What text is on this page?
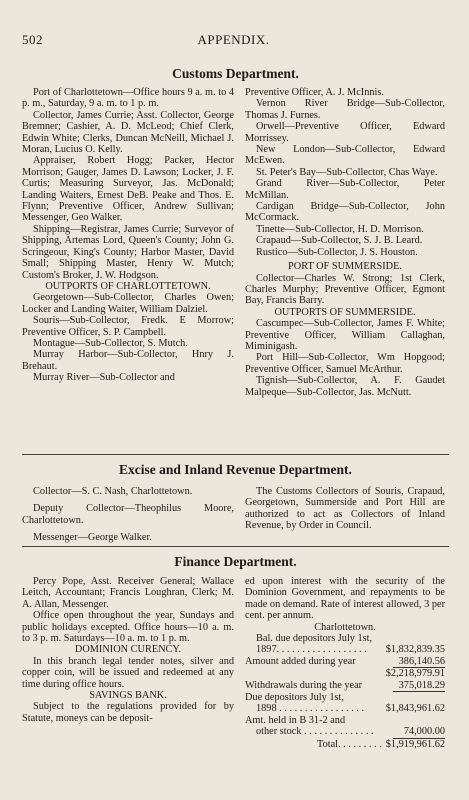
502	APPENDIX.
Customs Department.

Port of Charlottetown—Office hours 9 a. m. to 4 p. m., Saturday, 9 a. m. to 1 p. m.

Collector, James Currie; Asst. Collector, George Bremner; Cashier, A. D. McLeod; Chief Clerk, Edwin White; Clerks, Duncan McNeill, Michael J. Moran, Lucius O. Kelly.

Appraiser, Robert Hogg; Packer, Hector Morrison; Gauger, James D. Lawson; Locker, J. F. Curtis; Measuring Surveyor, Jas. McDonald; Landing Waiters, Ernest DeB. Peake and Thos. E. Flynn; Preventive Officer, Andrew Sullivan; Messenger, Geo Walker.

Shipping—Registrar, James Currie; Surveyor of Shipping, Artemas Lord, Queen's County; John G. Scringeour, King's County; Harbor Master, David Small; Shipping Master, Henry W. Mutch; Custom's Broker, J. W. Hodgson.

OUTPORTS OF CHARLOTTETOWN.

Georgetown—Sub-Collector, Charles Owen; Locker and Landing Waiter, William Dalziel.

Souris—Sub-Collector, Fredk. E Morrow; Preventive Officer, S. P. Campbell.

Montague—Sub-Collector, S. Mutch.

Murray Harbor—Sub-Collector, Hnry J. Brehaut.

Murray River—Sub-Collector and

Preventive Officer, A. J. McInnis.

Vernon River Bridge—Sub-Collector, Thomas J. Furnes.

Orwell—Preventive Officer, Edward Morrissey.

New London—Sub-Collector, Edward McEwen.

St. Peter's Bay—Sub-Collector, Chas Waye.

Grand River—Sub-Collector, Peter McMillan.

Cardigan Bridge—Sub-Collector, John McCormack.

Tinette—Sub-Collector, H. D. Morrison.

Crapaud—Sub-Collector, S. J. B. Leard.

Rustico—Sub-Collector, J. S. Houston.

PORT OF SUMMERSIDE.

Collector—Charles W. Strong; 1st Clerk, Charles Murphy; Preventive Officer, Egmont Bay, Francis Barry.

OUTPORTS OF SUMMERSIDE.

Cascumpec—Sub-Collector, James F. White; Preventive Officer, William Callaghan, Miminigash.

Port Hill—Sub-Collector, Wm Hopgood; Preventive Officer, Samuel McArthur.

Tignish—Sub-Collector, A. F. Gaudet Malpeque—Sub-Collector, Jas. McNutt.

Excise and Inland Revenue Department.

Collector—S. C. Nash, Charlottetown.

Deputy Collector—Theophilus Moore, Charlottetown.

Messenger—George Walker.

The Customs Collectors of Souris, Crapaud, Georgetown, Summerside and Port Hill are authorized to act as Collectors of Inland Revenue, by Order in Council.

Finance Department.

Percy Pope, Asst. Receiver General; Wallace Leitch, Accountant; Francis Loughran, Clerk; M. A. Allan, Messenger.

Office open throughout the year, Sundays and public holidays excepted. Office hours—10 a. m. to 3 p. m. Saturdays—10 a. m. to 1 p. m.

DOMINION CURENCY.

In this branch legal tender notes, silver and copper coin, will be issued and redeemed at any time during office hours.

SAVINGS BANK.

Subject to the regulations provided for by Statute, moneys can be deposit-

ed upon interest with the security of the Dominion Government, and repayments to be made on demand. Rate of interest allowed, 3 per cent. per annum.

Charlottetown.

Bal. due depositors July 1st,

1897. . . . . . . . . . . . . . . . . . $1,832,839.35
Amount added during year	386,140.56

$2,218,979.91

Withdrawals during the year	375,018.29

Due depositors July 1st,

1898 . . . . . . . . . . . . . . . . . $1,843,961.62

Amt. held in B 31-2 and

other stock . . . . . . . . . . . . . .	74,000.00
Total. . . . . . . . . $1,919,961.62
